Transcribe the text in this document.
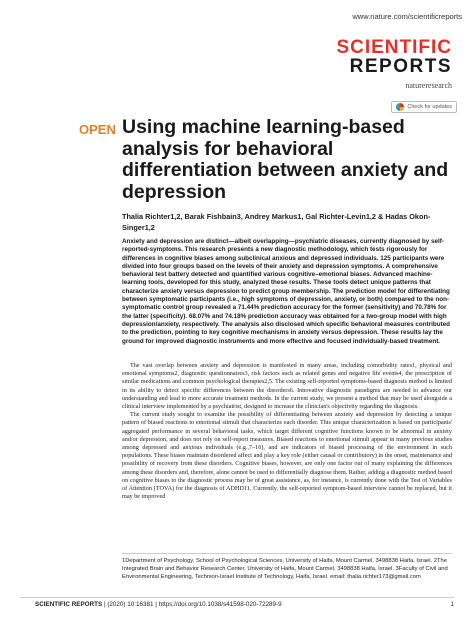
www.nature.com/scientificreports
SCIENTIFIC
REPORTS
natureresearch
Check for updates
OPEN Using machine learning-based analysis for behavioral differentiation between anxiety and depression
Thalia Richter1,2, Barak Fishbain3, Andrey Markus1, Gal Richter-Levin1,2 & Hadas Okon-Singer1,2
Anxiety and depression are distinct—albeit overlapping—psychiatric diseases, currently diagnosed by self-reported-symptoms. This research presents a new diagnostic methodology, which tests rigorously for differences in cognitive biases among subclinical anxious and depressed individuals. 125 participants were divided into four groups based on the levels of their anxiety and depression symptoms. A comprehensive behavioral test battery detected and quantified various cognitive–emotional biases. Advanced machine-learning tools, developed for this study, analyzed these results. These tools detect unique patterns that characterize anxiety versus depression to predict group membership. The prediction model for differentiating between symptomatic participants (i.e., high symptoms of depression, anxiety, or both) compared to the non-symptomatic control group revealed a 71.44% prediction accuracy for the former (sensitivity) and 70.78% for the latter (specificity). 68.07% and 74.18% prediction accuracy was obtained for a two-group model with high depression/anxiety, respectively. The analysis also disclosed which specific behavioral measures contributed to the prediction, pointing to key cognitive mechanisms in anxiety versus depression. These results lay the ground for improved diagnostic instruments and more effective and focused individually-based treatment.

The vast overlap between anxiety and depression is manifested in many areas, including comorbidity rates1, physical and emotional symptoms2, diagnostic questionnaires3, risk factors such as related genes and negative life events4, the prescription of similar medications and common psychological therapies2,5. The existing self-reported symptoms-based diagnosis method is limited in its ability to detect specific differences between the disorders6. Innovative diagnostic paradigms are needed to advance our understanding and lead to more accurate treatment methods. In the current study, we present a method that may be used alongside a clinical interview implemented by a psychiatrist, designed to increase the clinician's objectivity regarding the diagnosis.

The current study sought to examine the possibility of differentiating between anxiety and depression by detecting a unique pattern of biased reactions to emotional stimuli that characterize each disorder. This unique characterization is based on participants' aggregated performance in several behavioral tasks, which target different cognitive functions known to be abnormal in anxiety and/or depression, and does not rely on self-report measures. Biased reactions to emotional stimuli appear in many previous studies among depressed and anxious individuals (e.g.,7–10), and are indicators of biased processing of the environment in such populations. These biases maintain disordered affect and play a key role (either causal or contributory) in the onset, maintenance and possibility of recovery from these disorders. Cognitive biases, however, are only one factor out of many explaining the differences among these disorders and, therefore, alone cannot be used to differentially diagnose them. Rather, adding a diagnostic method based on cognitive biases to the diagnostic process may be of great assistance, as, for instance, is currently done with the Test of Variables of Attention (TOVA) for the diagnosis of ADHD11. Currently, the self-reported symptom-based interview cannot be replaced, but it may be improved

1Department of Psychology, School of Psychological Sciences, University of Haifa, Mount Carmel, 3498838 Haifa, Israel. 2The Integrated Brain and Behavior Research Center, University of Haifa, Mount Carmel, 3498838 Haifa, Israel. 3Faculty of Civil and Environmental Engineering, Technion-Israel Institute of Technology, Haifa, Israel. email: thalia.richter173@gmail.com
SCIENTIFIC REPORTS | (2020) 10:16381 | https://doi.org/10.1038/s41598-020-72289-9	1
